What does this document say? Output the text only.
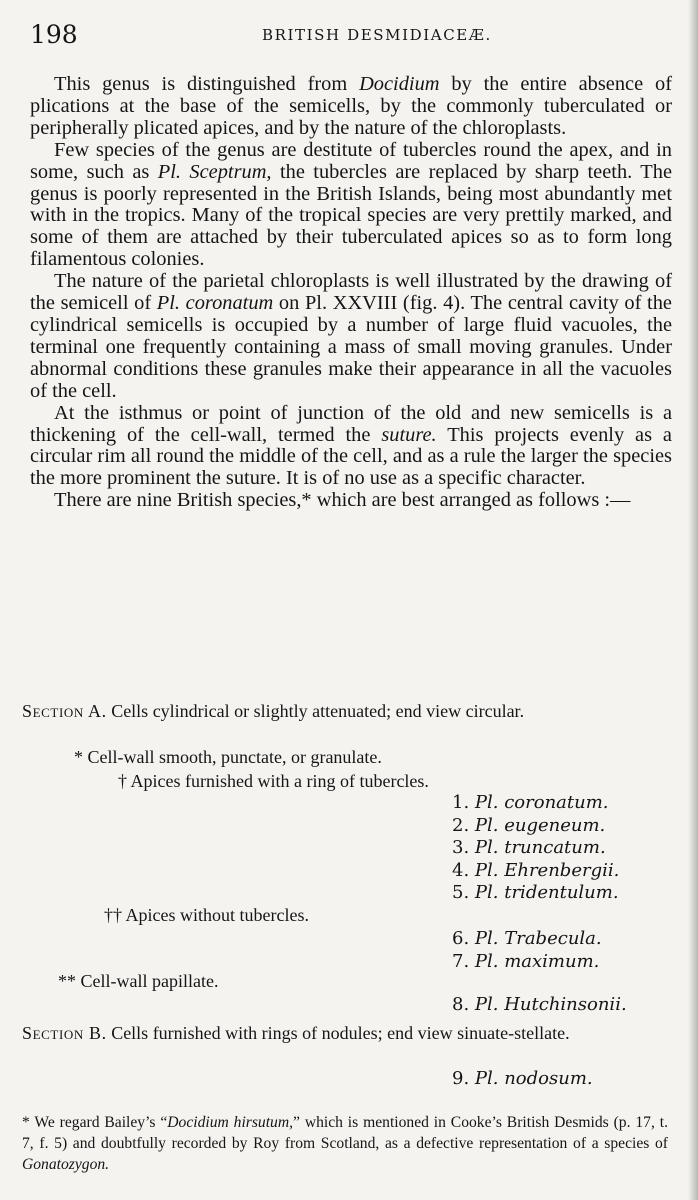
198	BRITISH DESMIDIACEÆ.

This genus is distinguished from Docidium by the entire absence of plications at the base of the semicells, by the commonly tuberculated or peripherally plicated apices, and by the nature of the chloroplasts.

Few species of the genus are destitute of tubercles round the apex, and in some, such as Pl. Sceptrum, the tubercles are replaced by sharp teeth. The genus is poorly represented in the British Islands, being most abundantly met with in the tropics. Many of the tropical species are very prettily marked, and some of them are attached by their tuberculated apices so as to form long filamentous colonies.

The nature of the parietal chloroplasts is well illustrated by the drawing of the semicell of Pl. coronatum on Pl. XXVIII (fig. 4). The central cavity of the cylindrical semicells is occupied by a number of large fluid vacuoles, the terminal one frequently containing a mass of small moving granules. Under abnormal conditions these granules make their appearance in all the vacuoles of the cell.

At the isthmus or point of junction of the old and new semicells is a thickening of the cell-wall, termed the suture. This projects evenly as a circular rim all round the middle of the cell, and as a rule the larger the species the more prominent the suture. It is of no use as a specific character.

There are nine British species,* which are best arranged as follows :—

Section A. Cells cylindrical or slightly attenuated; end view circular.
* Cell-wall smooth, punctate, or granulate.
† Apices furnished with a ring of tubercles.
1. Pl. coronatum.
2. Pl. eugeneum.
3. Pl. truncatum.
4. Pl. Ehrenbergii.
5. Pl. tridentulum.
†† Apices without tubercles.
6. Pl. Trabecula.
7. Pl. maximum.
** Cell-wall papillate.
8. Pl. Hutchinsonii.
Section B. Cells furnished with rings of nodules; end view sinuate-stellate.
9. Pl. nodosum.
* We regard Bailey’s “Docidium hirsutum,” which is mentioned in Cooke’s British Desmids (p. 17, t. 7, f. 5) and doubtfully recorded by Roy from Scotland, as a defective representation of a species of Gonatozygon.
